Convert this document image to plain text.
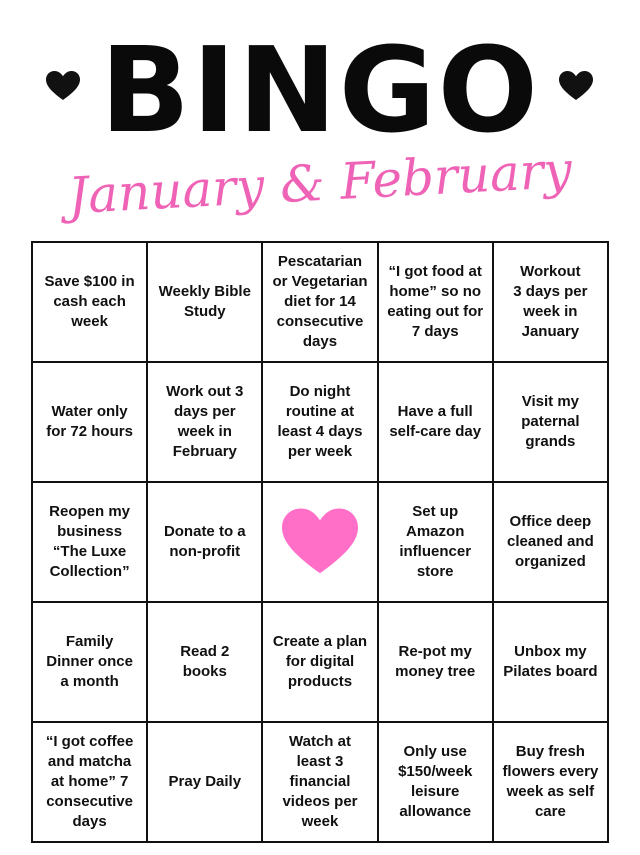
BINGO
January & February
Save $100 in
cash each
week
Weekly Bible
Study
Pescatarian
or Vegetarian
diet for 14
consecutive
days
“I got food at
home” so no
eating out for
7 days
Workout
3 days per
week in
January
Water only
for 72 hours
Work out 3
days per
week in
February
Do night
routine at
least 4 days
per week
Have a full
self-care day
Visit my
paternal
grands
Reopen my
business
“The Luxe
Collection”
Donate to a
non-profit
Set up
Amazon
influencer
store
Office deep
cleaned and
organized
Family
Dinner once
a month
Read 2 books
Create a plan
for digital
products
Re-pot my
money tree
Unbox my
Pilates board
“I got coffee
and matcha
at home” 7
consecutive
days
Pray Daily
Watch at
least 3
financial
videos per
week
Only use
$150/week
leisure
allowance
Buy fresh
flowers every
week as self
care
